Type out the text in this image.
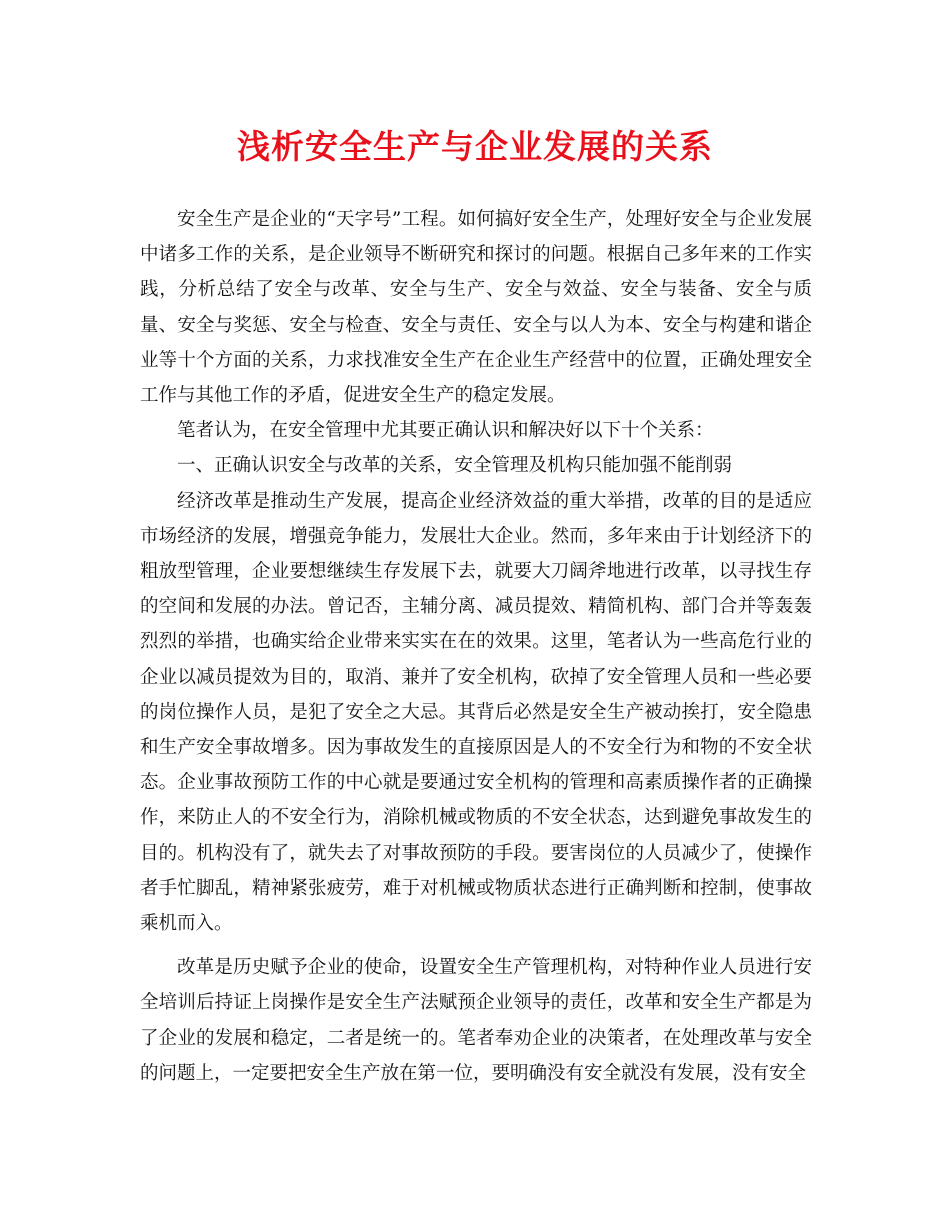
浅析安全生产与企业发展的关系

安全生产是企业的“天字号”工程。如何搞好安全生产，处理好安全与企业发展中诸多工作的关系，是企业领导不断研究和探讨的问题。根据自己多年来的工作实践，分析总结了安全与改革、安全与生产、安全与效益、安全与装备、安全与质量、安全与奖惩、安全与检查、安全与责任、安全与以人为本、安全与构建和谐企业等十个方面的关系，力求找准安全生产在企业生产经营中的位置，正确处理安全工作与其他工作的矛盾，促进安全生产的稳定发展。

笔者认为，在安全管理中尤其要正确认识和解决好以下十个关系：

一、正确认识安全与改革的关系，安全管理及机构只能加强不能削弱

经济改革是推动生产发展，提高企业经济效益的重大举措，改革的目的是适应市场经济的发展，增强竞争能力，发展壮大企业。然而，多年来由于计划经济下的粗放型管理，企业要想继续生存发展下去，就要大刀阔斧地进行改革，以寻找生存的空间和发展的办法。曾记否，主辅分离、减员提效、精简机构、部门合并等轰轰烈烈的举措，也确实给企业带来实实在在的效果。这里，笔者认为一些高危行业的企业以减员提效为目的，取消、兼并了安全机构，砍掉了安全管理人员和一些必要的岗位操作人员，是犯了安全之大忌。其背后必然是安全生产被动挨打，安全隐患和生产安全事故增多。因为事故发生的直接原因是人的不安全行为和物的不安全状态。企业事故预防工作的中心就是要通过安全机构的管理和高素质操作者的正确操作，来防止人的不安全行为，消除机械或物质的不安全状态，达到避免事故发生的目的。机构没有了，就失去了对事故预防的手段。要害岗位的人员减少了，使操作者手忙脚乱，精神紧张疲劳，难于对机械或物质状态进行正确判断和控制，使事故乘机而入。

改革是历史赋予企业的使命，设置安全生产管理机构，对特种作业人员进行安全培训后持证上岗操作是安全生产法赋预企业领导的责任，改革和安全生产都是为了企业的发展和稳定，二者是统一的。笔者奉劝企业的决策者，在处理改革与安全的问题上，一定要把安全生产放在第一位，要明确没有安全就没有发展，没有安全
